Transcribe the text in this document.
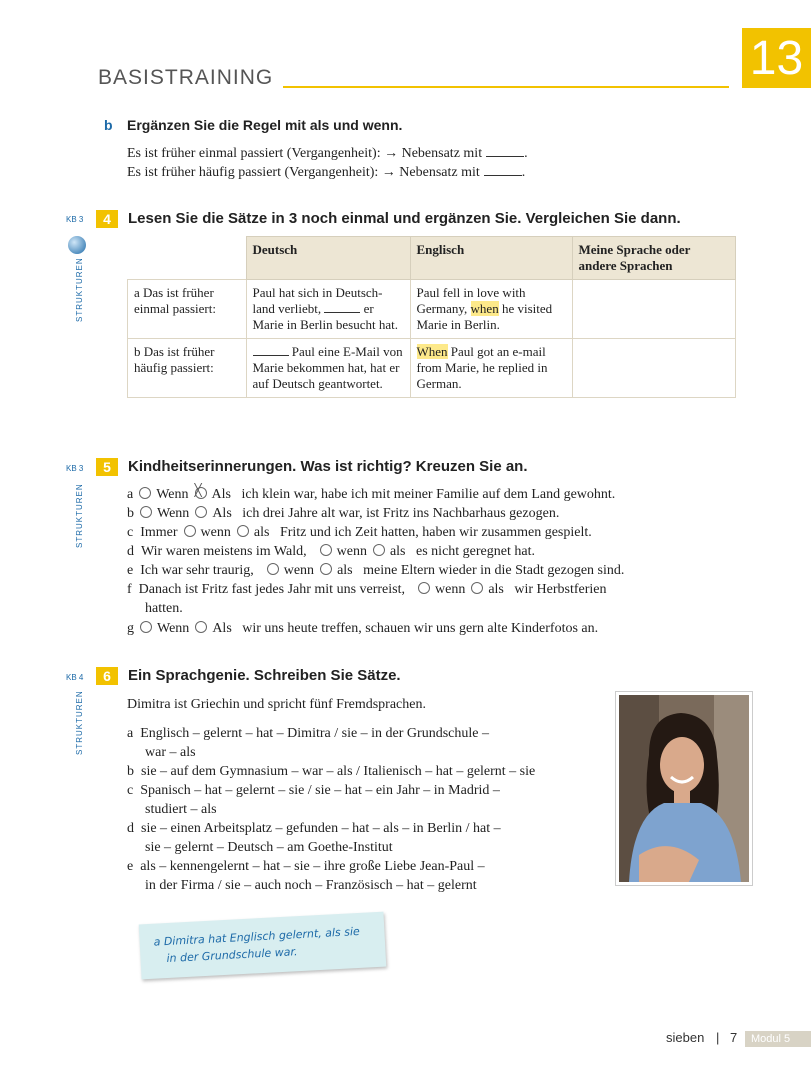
BASISTRAINING	13
b Ergänzen Sie die Regel mit als und wenn.
Es ist früher einmal passiert (Vergangenheit): → Nebensatz mit	.
Es ist früher häufig passiert (Vergangenheit): → Nebensatz mit	.
KB 3	4	Lesen Sie die Sätze in 3 noch einmal und ergänzen Sie. Vergleichen Sie dann.
STRUKTUREN
	Deutsch	Englisch	Meine Sprache oder andere Sprachen
a Das ist früher einmal passiert:	Paul hat sich in Deutsch-land verliebt, er Marie in Berlin besucht hat.	Paul fell in love with Germany, when he visited Marie in Berlin.	
b Das ist früher häufig passiert:	Paul eine E-Mail von Marie bekommen hat, hat er auf Deutsch geantwortet.	When Paul got an e-mail from Marie, he replied in German.	
KB 3	5	Kindheitserinnerungen. Was ist richtig? Kreuzen Sie an.
STRUKTUREN	a Wenn ╳ Als ich klein war, habe ich mit meiner Familie auf dem Land gewohnt.
b Wenn Als ich drei Jahre alt war, ist Fritz ins Nachbarhaus gezogen.
c Immer wenn als Fritz und ich Zeit hatten, haben wir zusammen gespielt.
d Wir waren meistens im Wald, wenn als es nicht geregnet hat.
e Ich war sehr traurig, wenn als meine Eltern wieder in die Stadt gezogen sind.
f Danach ist Fritz fast jedes Jahr mit uns verreist, wenn als wir Herbstferien
hatten.
g Wenn Als wir uns heute treffen, schauen wir uns gern alte Kinderfotos an.
KB 4	6	Ein Sprachgenie. Schreiben Sie Sätze.
STRUKTUREN	Dimitra ist Griechin und spricht fünf Fremdsprachen.
a Englisch – gelernt – hat – Dimitra / sie – in der Grundschule –
war – als
b sie – auf dem Gymnasium – war – als / Italienisch – hat – gelernt – sie
c Spanisch – hat – gelernt – sie / sie – hat – ein Jahr – in Madrid –
studiert – als
d sie – einen Arbeitsplatz – gefunden – hat – als – in Berlin / hat –
sie – gelernt – Deutsch – am Goethe-Institut
e als – kennengelernt – hat – sie – ihre große Liebe Jean-Paul –
in der Firma / sie – auch noch – Französisch – hat – gelernt
a Dimitra hat Englisch gelernt, als sie
in der Grundschule war.
sieben | 7	Modul 5
